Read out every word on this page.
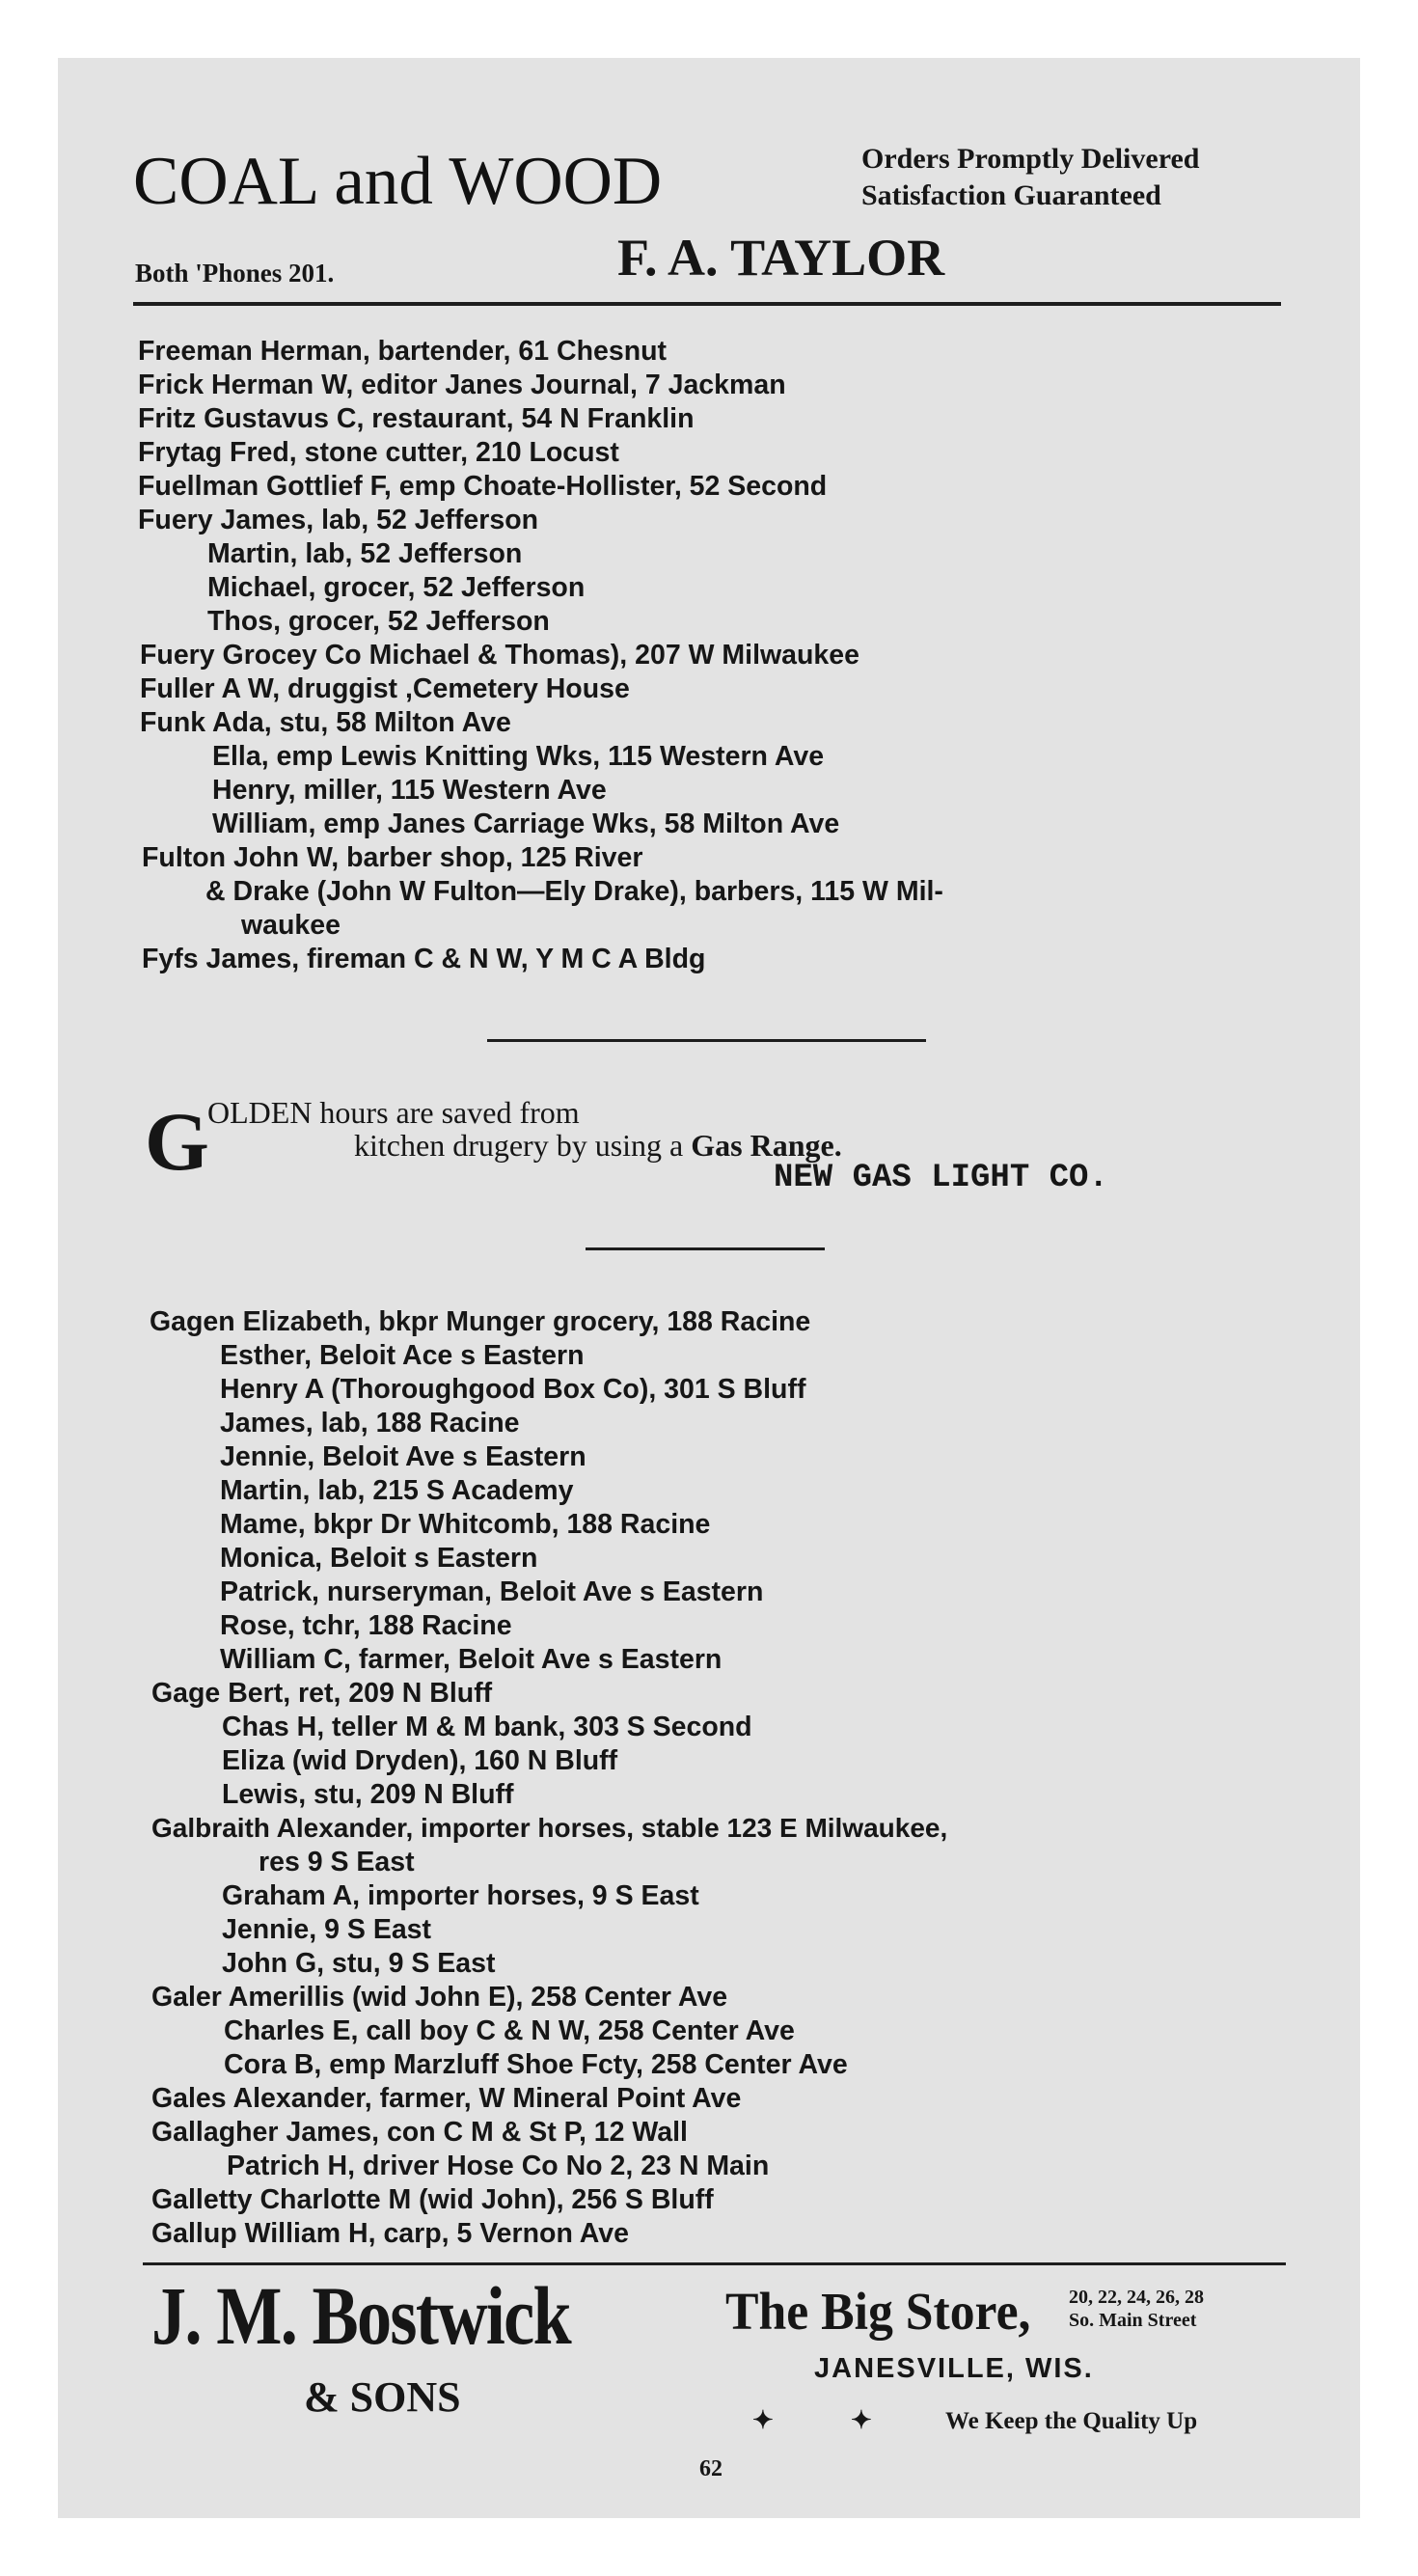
COAL and WOOD
Both 'Phones 201.	F. A. TAYLOR
Orders Promptly Delivered
Satisfaction Guaranteed
Freeman Herman, bartender, 61 Chesnut
Frick Herman W, editor Janes Journal, 7 Jackman
Fritz Gustavus C, restaurant, 54 N Franklin
Frytag Fred, stone cutter, 210 Locust
Fuellman Gottlief F, emp Choate-Hollister, 52 Second
Fuery James, lab, 52 Jefferson
Martin, lab, 52 Jefferson
Michael, grocer, 52 Jefferson
Thos, grocer, 52 Jefferson
Fuery Grocey Co Michael & Thomas), 207 W Milwaukee
Fuller A W, druggist ,Cemetery House
Funk Ada, stu, 58 Milton Ave
Ella, emp Lewis Knitting Wks, 115 Western Ave
Henry, miller, 115 Western Ave
William, emp Janes Carriage Wks, 58 Milton Ave
Fulton John W, barber shop, 125 River
& Drake (John W Fulton—Ely Drake), barbers, 115 W Mil-
waukee
Fyfs James, fireman C & N W, Y M C A Bldg
G
OLDEN hours are saved from
kitchen drugery by using a Gas Range.
NEW GAS LIGHT CO.
Gagen Elizabeth, bkpr Munger grocery, 188 Racine
Esther, Beloit Ace s Eastern
Henry A (Thoroughgood Box Co), 301 S Bluff
James, lab, 188 Racine
Jennie, Beloit Ave s Eastern
Martin, lab, 215 S Academy
Mame, bkpr Dr Whitcomb, 188 Racine
Monica, Beloit s Eastern
Patrick, nurseryman, Beloit Ave s Eastern
Rose, tchr, 188 Racine
William C, farmer, Beloit Ave s Eastern
Gage Bert, ret, 209 N Bluff
Chas H, teller M & M bank, 303 S Second
Eliza (wid Dryden), 160 N Bluff
Lewis, stu, 209 N Bluff
Galbraith Alexander, importer horses, stable 123 E Milwaukee,
res 9 S East
Graham A, importer horses, 9 S East
Jennie, 9 S East
John G, stu, 9 S East
Galer Amerillis (wid John E), 258 Center Ave
Charles E, call boy C & N W, 258 Center Ave
Cora B, emp Marzluff Shoe Fcty, 258 Center Ave
Gales Alexander, farmer, W Mineral Point Ave
Gallagher James, con C M & St P, 12 Wall
Patrich H, driver Hose Co No 2, 23 N Main
Galletty Charlotte M (wid John), 256 S Bluff
Gallup William H, carp, 5 Vernon Ave
J. M. Bostwick
& SONS
The Big Store, 20, 22, 24, 26, 28
So. Main Street
JANESVILLE, WIS.
✦	✦	We Keep the Quality Up
62
